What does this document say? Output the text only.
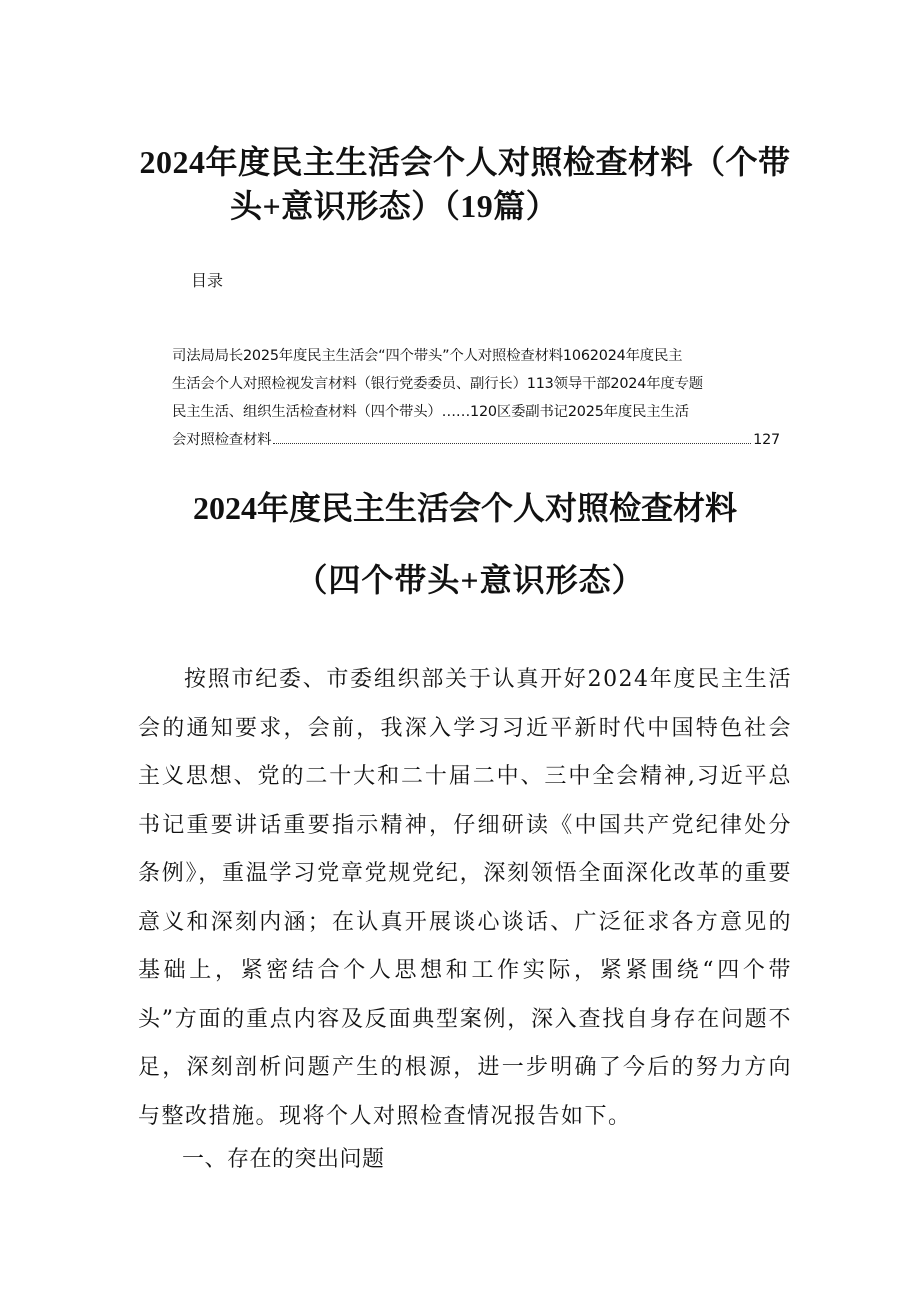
2024年度民主生活会个人对照检查材料（个带
头+意识形态）（19篇）
目录
司法局局长2025年度民主生活会“四个带头”个人对照检查材料1062024年度民主
生活会个人对照检视发言材料（银行党委委员、副行长）113领导干部2024年度专题
民主生活、组织生活检查材料（四个带头）……120区委副书记2025年度民主生活
会对照检查材料	127
2024年度民主生活会个人对照检查材料
（四个带头+意识形态）

按照市纪委、市委组织部关于认真开好2024年度民主生活会的通知要求，会前，我深入学习习近平新时代中国特色社会主义思想、党的二十大和二十届二中、三中全会精神,习近平总书记重要讲话重要指示精神，仔细研读《中国共产党纪律处分条例》，重温学习党章党规党纪，深刻领悟全面深化改革的重要意义和深刻内涵；在认真开展谈心谈话、广泛征求各方意见的基础上，紧密结合个人思想和工作实际，紧紧围绕“四个带头”方面的重点内容及反面典型案例，深入查找自身存在问题不足，深刻剖析问题产生的根源，进一步明确了今后的努力方向与整改措施。现将个人对照检查情况报告如下。

一、存在的突出问题
